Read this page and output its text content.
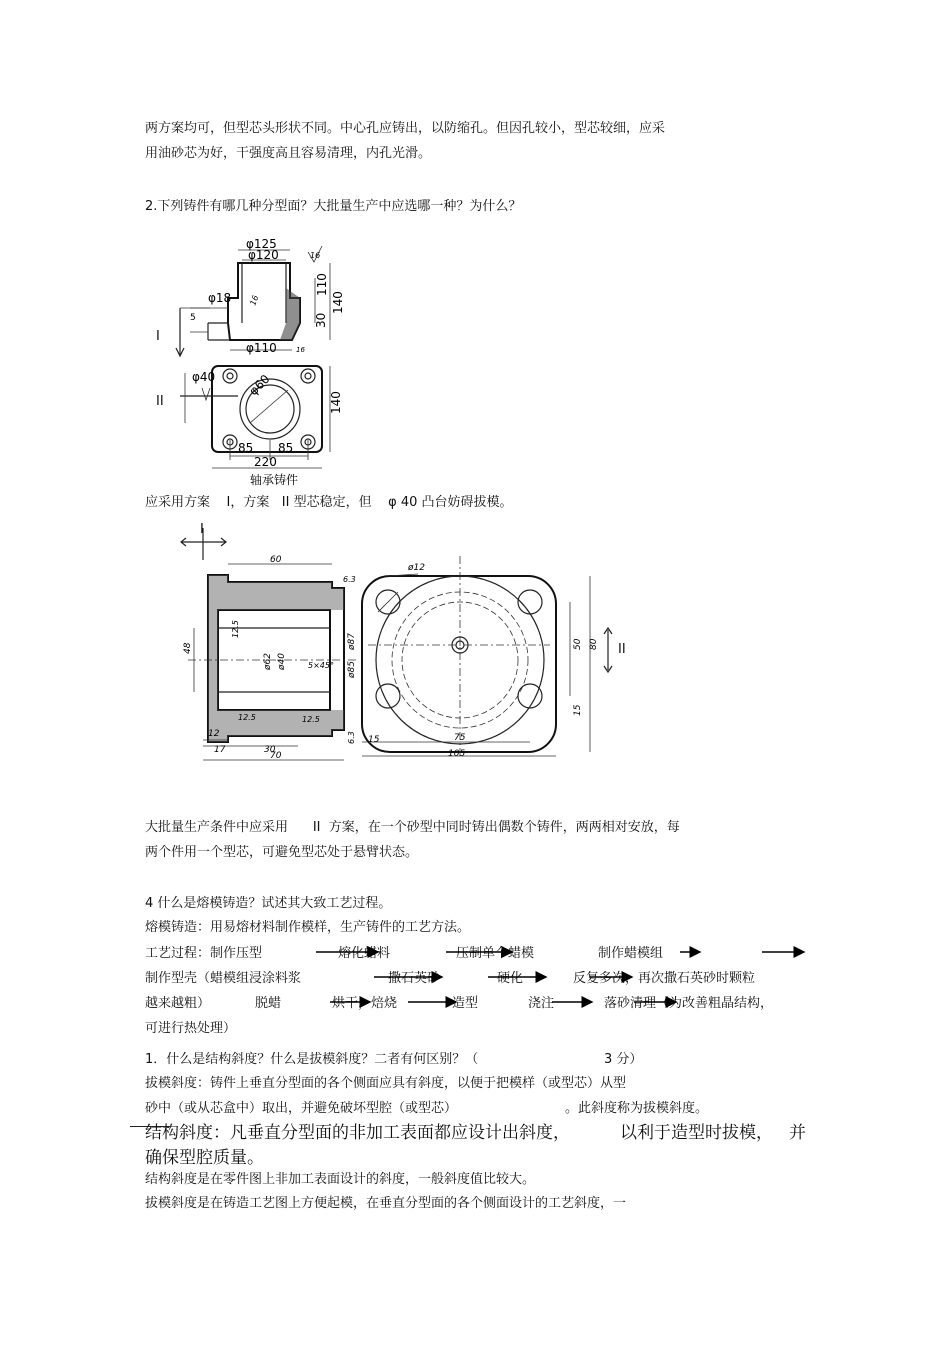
两方案均可，但型芯头形状不同。中心孔应铸出，以防缩孔。但因孔较小，型芯较细，应采
用油砂芯为好，干强度高且容易清理，内孔光滑。
2.下列铸件有哪几种分型面？大批量生产中应选哪一种？为什么？
φ125
φ120	16
φ18
5
16
φ110	16
30
110
140
φ40	φ60
140
85 85
220
轴承铸件
I
II
应采用方案 I，方案 II 型芯稳定，但 φ 40 凸台妨碍拔模。
60
6.3
12.5
ø62 ø40	5×45°
ø87
ø85
48
12.5	12.5
6.3
12
17	30
70
ø12
50 80
15
15	75
105
I
II
大批量生产条件中应采用 II 方案，在一个砂型中同时铸出偶数个铸件，两两相对安放，每
两个件用一个型芯，可避免型芯处于悬臂状态。
4 什么是熔模铸造？试述其大致工艺过程。
熔模铸造：用易熔材料制作模样，生产铸件的工艺方法。
工艺过程：制作压型	熔化蜡料	压制单个蜡模	制作蜡模组
制作型壳（蜡模组浸涂料浆	撒石英砂	硬化	反复多次，再次撒石英砂时颗粒
越来越粗）	脱蜡	烘干，焙烧	造型	浇注	落砂清理（为改善粗晶结构，
可进行热处理）
1．什么是结构斜度？什么是拔模斜度？二者有何区别？（	3 分）
拔模斜度：铸件上垂直分型面的各个侧面应具有斜度，以便于把模样（或型芯）从型
砂中（或从芯盒中）取出，并避免破坏型腔（或型芯）	。此斜度称为拔模斜度。
结构斜度：凡垂直分型面的非加工表面都应设计出斜度，	以利于造型时拔模， 并
确保型腔质量。
结构斜度是在零件图上非加工表面设计的斜度，一般斜度值比较大。
拔模斜度是在铸造工艺图上方便起模，在垂直分型面的各个侧面设计的工艺斜度，一
